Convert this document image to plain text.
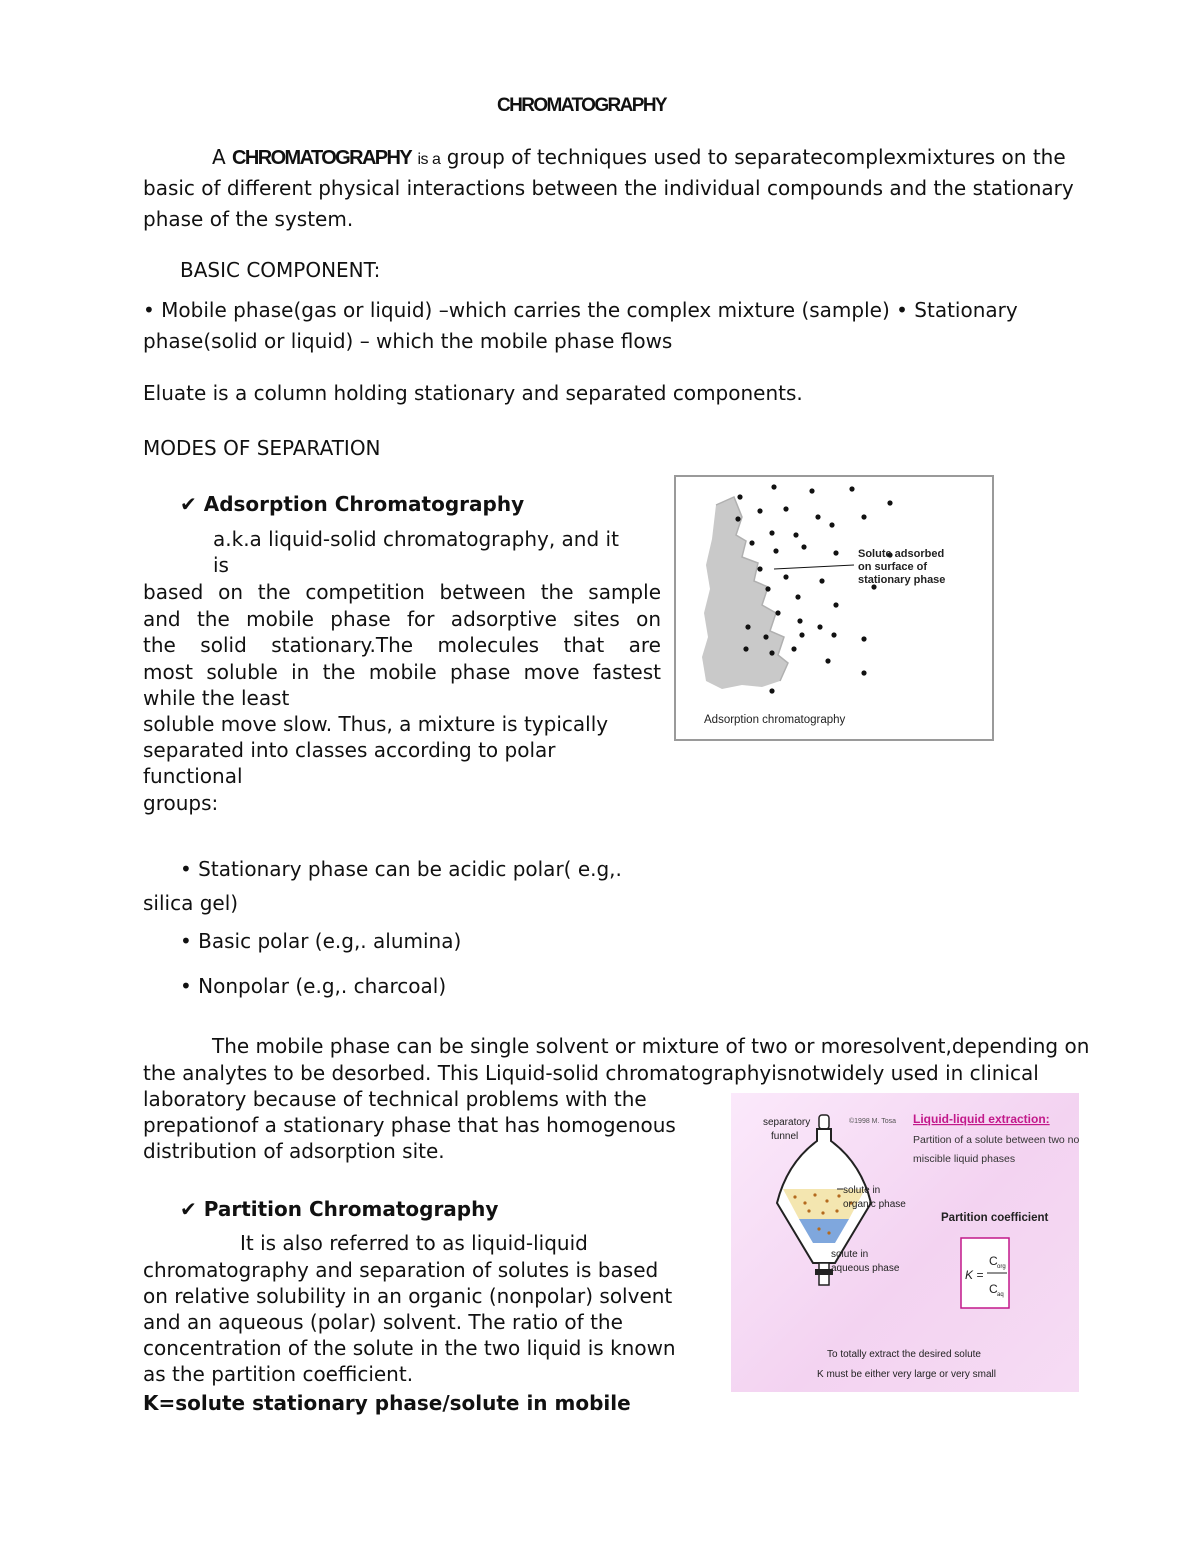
CHROMATOGRAPHY
A CHROMATOGRAPHY is a group of techniques used to separatecomplexmixtures on the
basic of different physical interactions between the individual compounds and the stationary
phase of the system.
BASIC COMPONENT:
• Mobile phase(gas or liquid) –which carries the complex mixture (sample) • Stationary
phase(solid or liquid) – which the mobile phase flows
Eluate is a column holding stationary and separated components.
MODES OF SEPARATION
✔ Adsorption Chromatography
a.k.a liquid-solid chromatography, and it
is
based on the competition between the sample
and the mobile phase for adsorptive sites on
the solid stationary.The molecules that are
most soluble in the mobile phase move fastest
while the least
soluble move slow. Thus, a mixture is typically
separated into classes according to polar
functional
groups:
Solute adsorbed
on surface of
stationary phase
Adsorption chromatography
• Stationary phase can be acidic polar( e.g,.
silica gel)
• Basic polar (e.g,. alumina)
• Nonpolar (e.g,. charcoal)
The mobile phase can be single solvent or mixture of two or moresolvent,depending on
the analytes to be desorbed. This Liquid-solid chromatographyisnotwidely used in clinical
laboratory because of technical problems with the
prepationof a stationary phase that has homogenous
distribution of adsorption site.
✔ Partition Chromatography
It is also referred to as liquid-liquid
chromatography and separation of solutes is based
on relative solubility in an organic (nonpolar) solvent
and an aqueous (polar) solvent. The ratio of the
concentration of the solute in the two liquid is known
as the partition coefficient.
K=solute stationary phase/solute in mobile
separatory
funnel
©1998 M. Tosa Liquid-liquid extraction:
Partition of a solute between two non-
miscible liquid phases
solute in
organic phase
solute in
aqueous phase
Partition coefficient
K =
C org
C aq
To totally extract the desired solute
K must be either very large or very small
